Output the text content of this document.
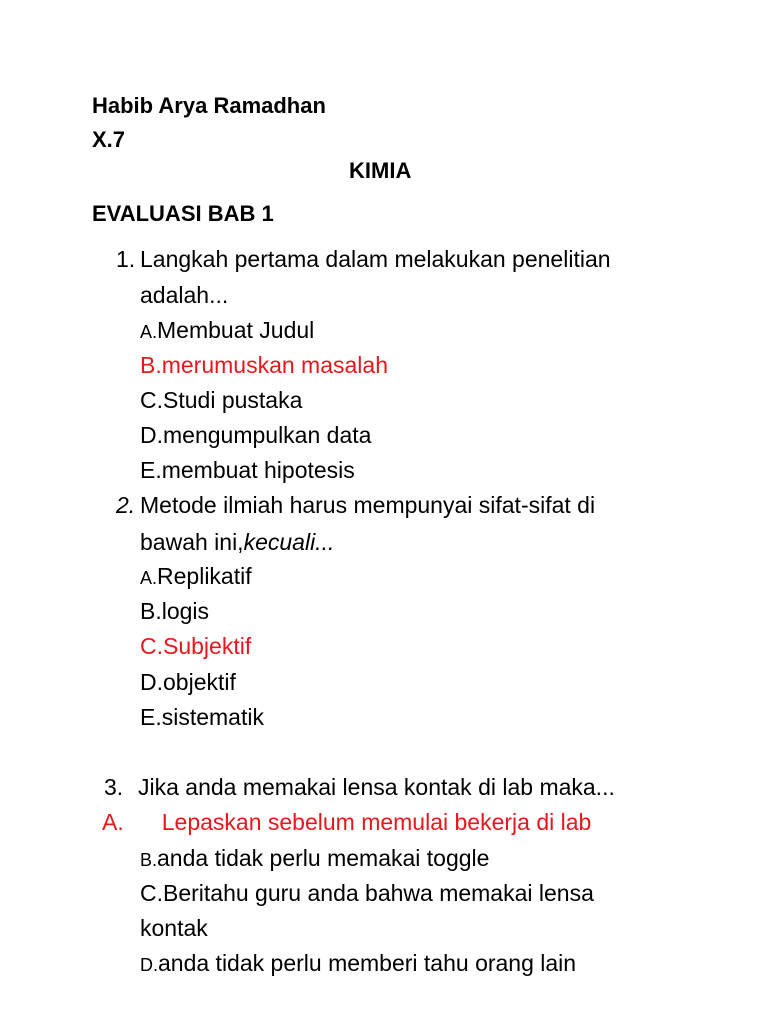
Habib Arya Ramadhan
X.7
KIMIA
EVALUASI BAB 1
1. Langkah pertama dalam melakukan penelitian
adalah...
A.Membuat Judul
B.merumuskan masalah
C.Studi pustaka
D.mengumpulkan data
E.membuat hipotesis
2. Metode ilmiah harus mempunyai sifat-sifat di
bawah ini,kecuali...
A.Replikatif
B.logis
C.Subjektif
D.objektif
E.sistematik
3. Jika anda memakai lensa kontak di lab maka...
A. Lepaskan sebelum memulai bekerja di lab
B.anda tidak perlu memakai toggle
C.Beritahu guru anda bahwa memakai lensa
kontak
D.anda tidak perlu memberi tahu orang lain
